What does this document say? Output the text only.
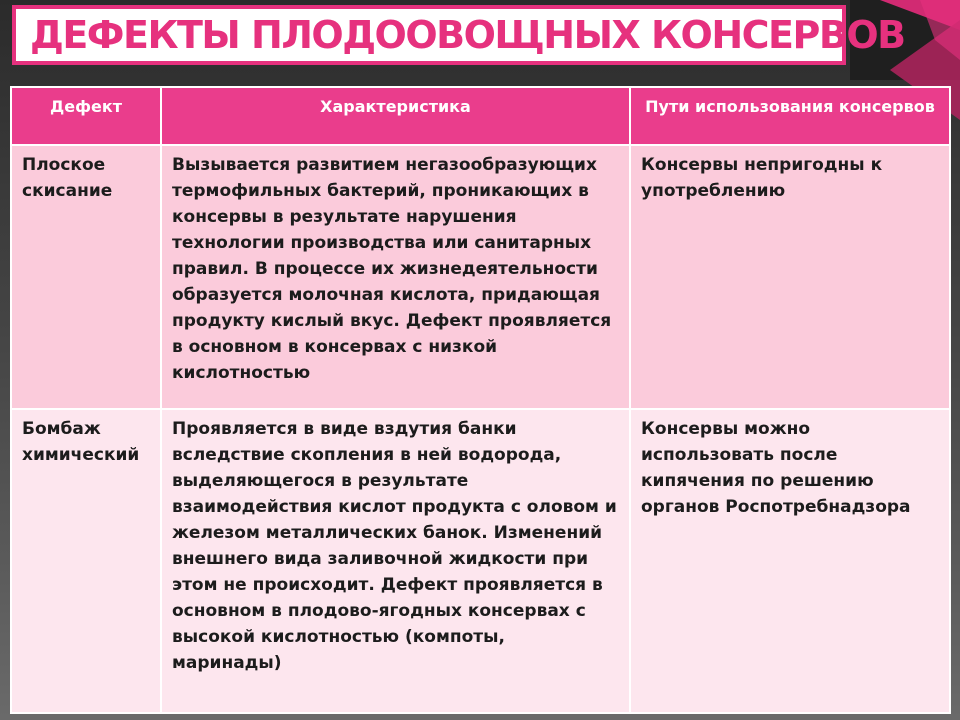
ДЕФЕКТЫ ПЛОДООВОЩНЫХ КОНСЕРВОВ
Дефект	Характеристика	Пути использования консервов

Плоское скисание	Вызывается развитием негазообразующих термофильных бактерий, проникающих в консервы в результате нарушения технологии производства или санитарных правил. В процессе их жизнедеятельности образуется молочная кислота, придающая продукту кислый вкус. Дефект проявляется в основном в консервах с низкой кислотностью	Консервы непригодны к употреблению

Бомбаж химический	Проявляется в виде вздутия банки вследствие скопления в ней водорода, выделяющегося в результате взаимодействия кислот продукта с оловом и железом металлических банок. Изменений внешнего вида заливочной жидкости при этом не происходит. Дефект проявляется в основном в плодово-ягодных консервах с высокой кислотностью (компоты, маринады)	Консервы можно использовать после кипячения по решению органов Роспотребнадзора
